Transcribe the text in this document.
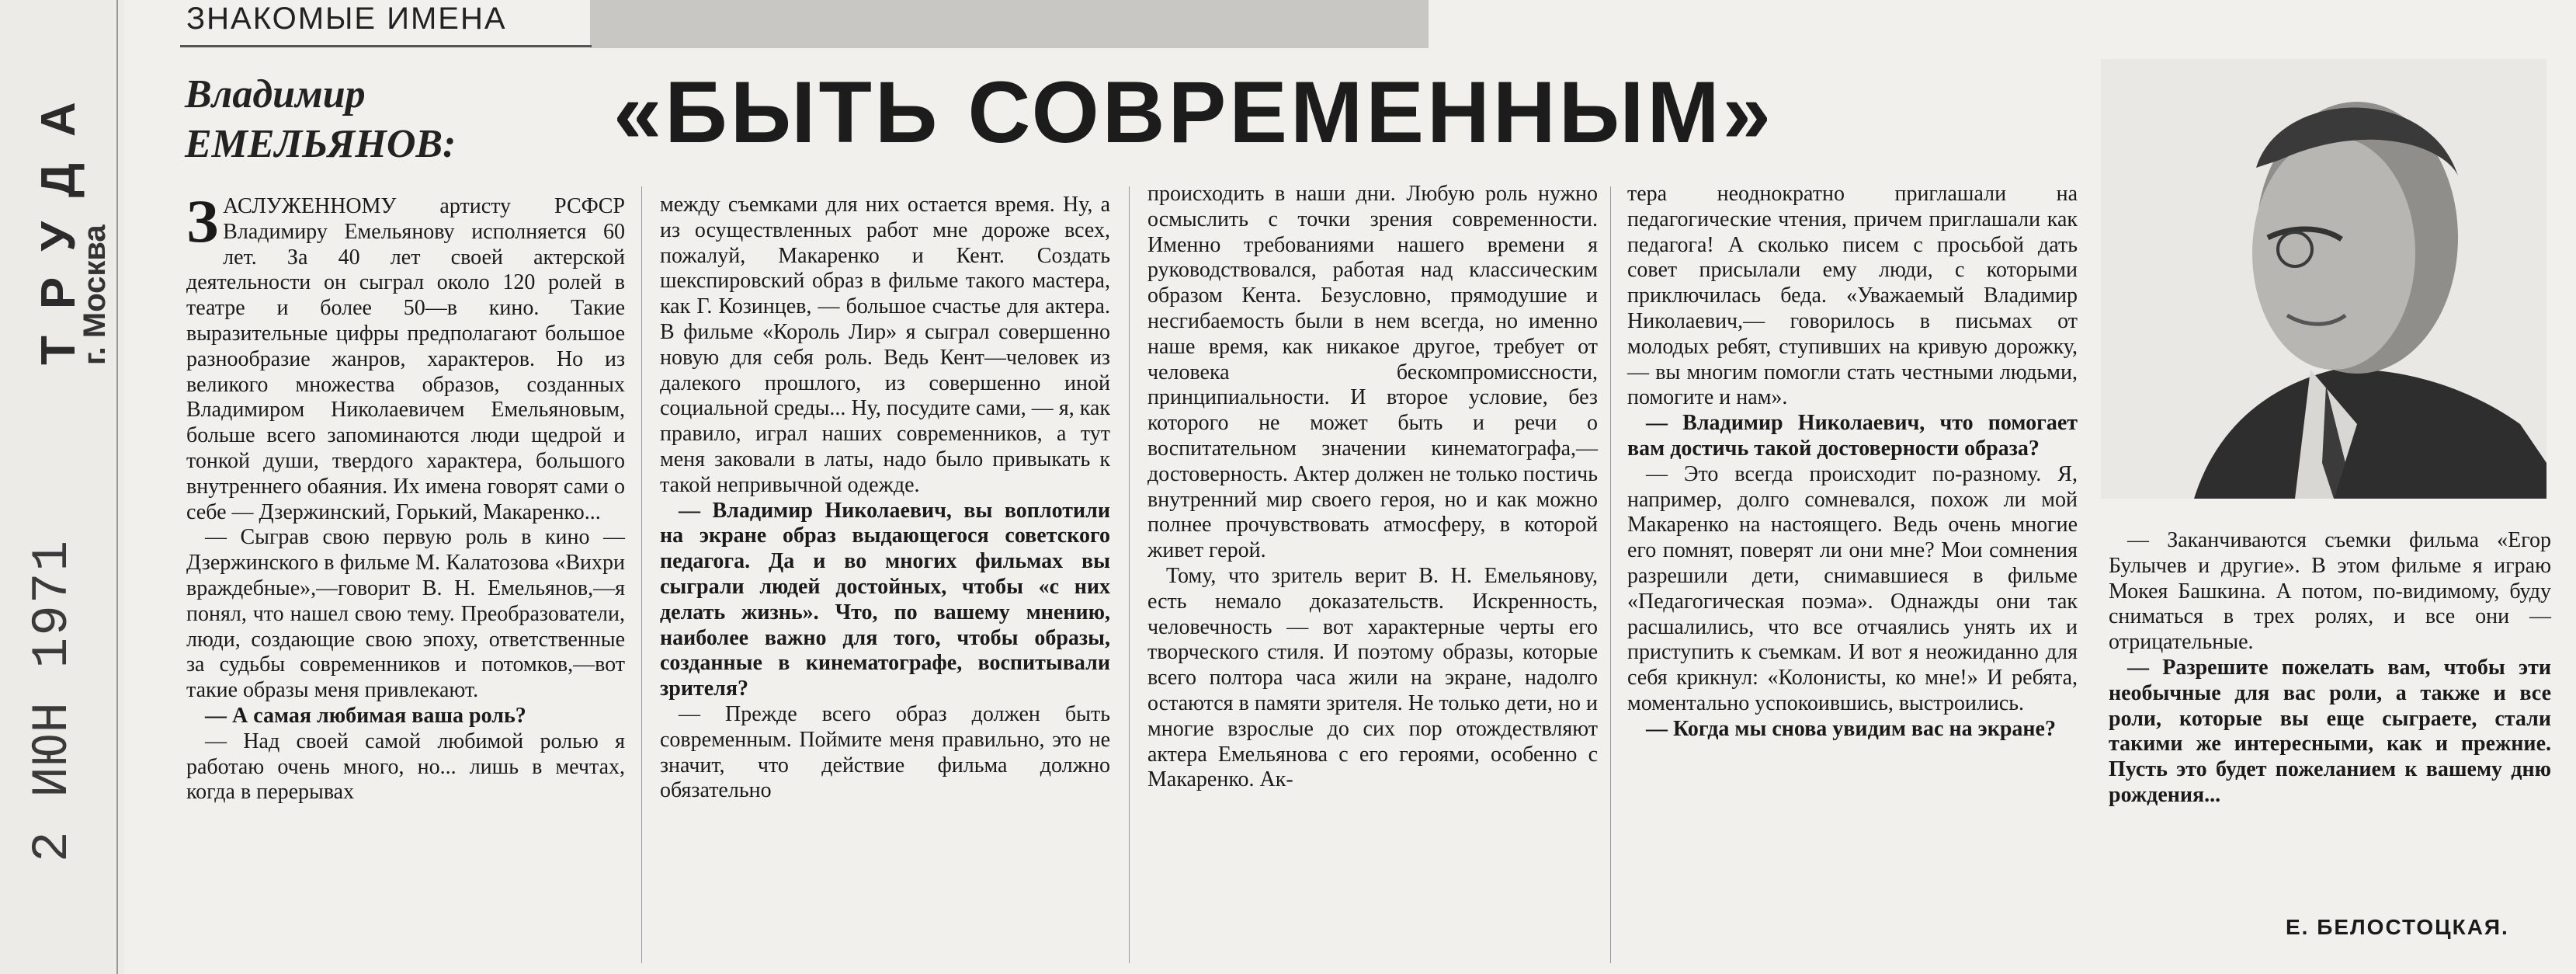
ТРУДА
г. Москва
2 ИЮН 1971
ЗНАКОМЫЕ ИМЕНА
Владимир
ЕМЕЛЬЯНОВ: «БЫТЬ СОВРЕМЕННЫМ»

ЗАСЛУЖЕННОМУ артисту РСФСР Владимиру Емельянову исполняется 60 лет. За 40 лет своей актерской деятельности он сыграл около 120 ролей в театре и более 50—в кино. Такие выразительные цифры предполагают большое разнообразие жанров, характеров. Но из великого множества образов, созданных Владимиром Николаевичем Емельяновым, больше всего запоминаются люди щедрой и тонкой души, твердого характера, большого внутреннего обаяния. Их имена говорят сами о себе — Дзержинский, Горький, Макаренко...

— Сыграв свою первую роль в кино — Дзержинского в фильме М. Калатозова «Вихри враждебные»,—говорит В. Н. Емельянов,—я понял, что нашел свою тему. Преобразователи, люди, создающие свою эпоху, ответственные за судьбы современников и потомков,—вот такие образы меня привлекают.

— А самая любимая ваша роль?

— Над своей самой любимой ролью я работаю очень много, но... лишь в мечтах, когда в перерывах

между съемками для них остается время. Ну, а из осуществленных работ мне дороже всех, пожалуй, Макаренко и Кент. Создать шекспировский образ в фильме такого мастера, как Г. Козинцев, — большое счастье для актера. В фильме «Король Лир» я сыграл совершенно новую для себя роль. Ведь Кент—человек из далекого прошлого, из совершенно иной социальной среды... Ну, посудите сами, — я, как правило, играл наших современников, а тут меня заковали в латы, надо было привыкать к такой непривычной одежде.

— Владимир Николаевич, вы воплотили на экране образ выдающегося советского педагога. Да и во многих фильмах вы сыграли людей достойных, чтобы «с них делать жизнь». Что, по вашему мнению, наиболее важно для того, чтобы образы, созданные в кинематографе, воспитывали зрителя?

— Прежде всего образ должен быть современным. Поймите меня правильно, это не значит, что действие фильма должно обязательно

происходить в наши дни. Любую роль нужно осмыслить с точки зрения современности. Именно требованиями нашего времени я руководствовался, работая над классическим образом Кента. Безусловно, прямодушие и несгибаемость были в нем всегда, но именно наше время, как никакое другое, требует от человека бескомпромиссности, принципиальности. И второе условие, без которого не может быть и речи о воспитательном значении кинематографа,— достоверность. Актер должен не только постичь внутренний мир своего героя, но и как можно полнее прочувствовать атмосферу, в которой живет герой.

Тому, что зритель верит В. Н. Емельянову, есть немало доказательств. Искренность, человечность — вот характерные черты его творческого стиля. И поэтому образы, которые всего полтора часа жили на экране, надолго остаются в памяти зрителя. Не только дети, но и многие взрослые до сих пор отождествляют актера Емельянова с его героями, особенно с Макаренко. Ак-

тера неоднократно приглашали на педагогические чтения, причем приглашали как педагога! А сколько писем с просьбой дать совет присылали ему люди, с которыми приключилась беда. «Уважаемый Владимир Николаевич,— говорилось в письмах от молодых ребят, ступивших на кривую дорожку,— вы многим помогли стать честными людьми, помогите и нам».

— Владимир Николаевич, что помогает вам достичь такой достоверности образа?

— Это всегда происходит по-разному. Я, например, долго сомневался, похож ли мой Макаренко на настоящего. Ведь очень многие его помнят, поверят ли они мне? Мои сомнения разрешили дети, снимавшиеся в фильме «Педагогическая поэма». Однажды они так расшалились, что все отчаялись унять их и приступить к съемкам. И вот я неожиданно для себя крикнул: «Колонисты, ко мне!» И ребята, моментально успокоившись, выстроились.

— Когда мы снова увидим вас на экране?

— Заканчиваются съемки фильма «Егор Булычев и другие». В этом фильме я играю Мокея Башкина. А потом, по-видимому, буду сниматься в трех ролях, и все они — отрицательные.

— Разрешите пожелать вам, чтобы эти необычные для вас роли, а также и все роли, которые вы еще сыграете, стали такими же интересными, как и прежние. Пусть это будет пожеланием к вашему дню рождения...

Е. БЕЛОСТОЦКАЯ.
